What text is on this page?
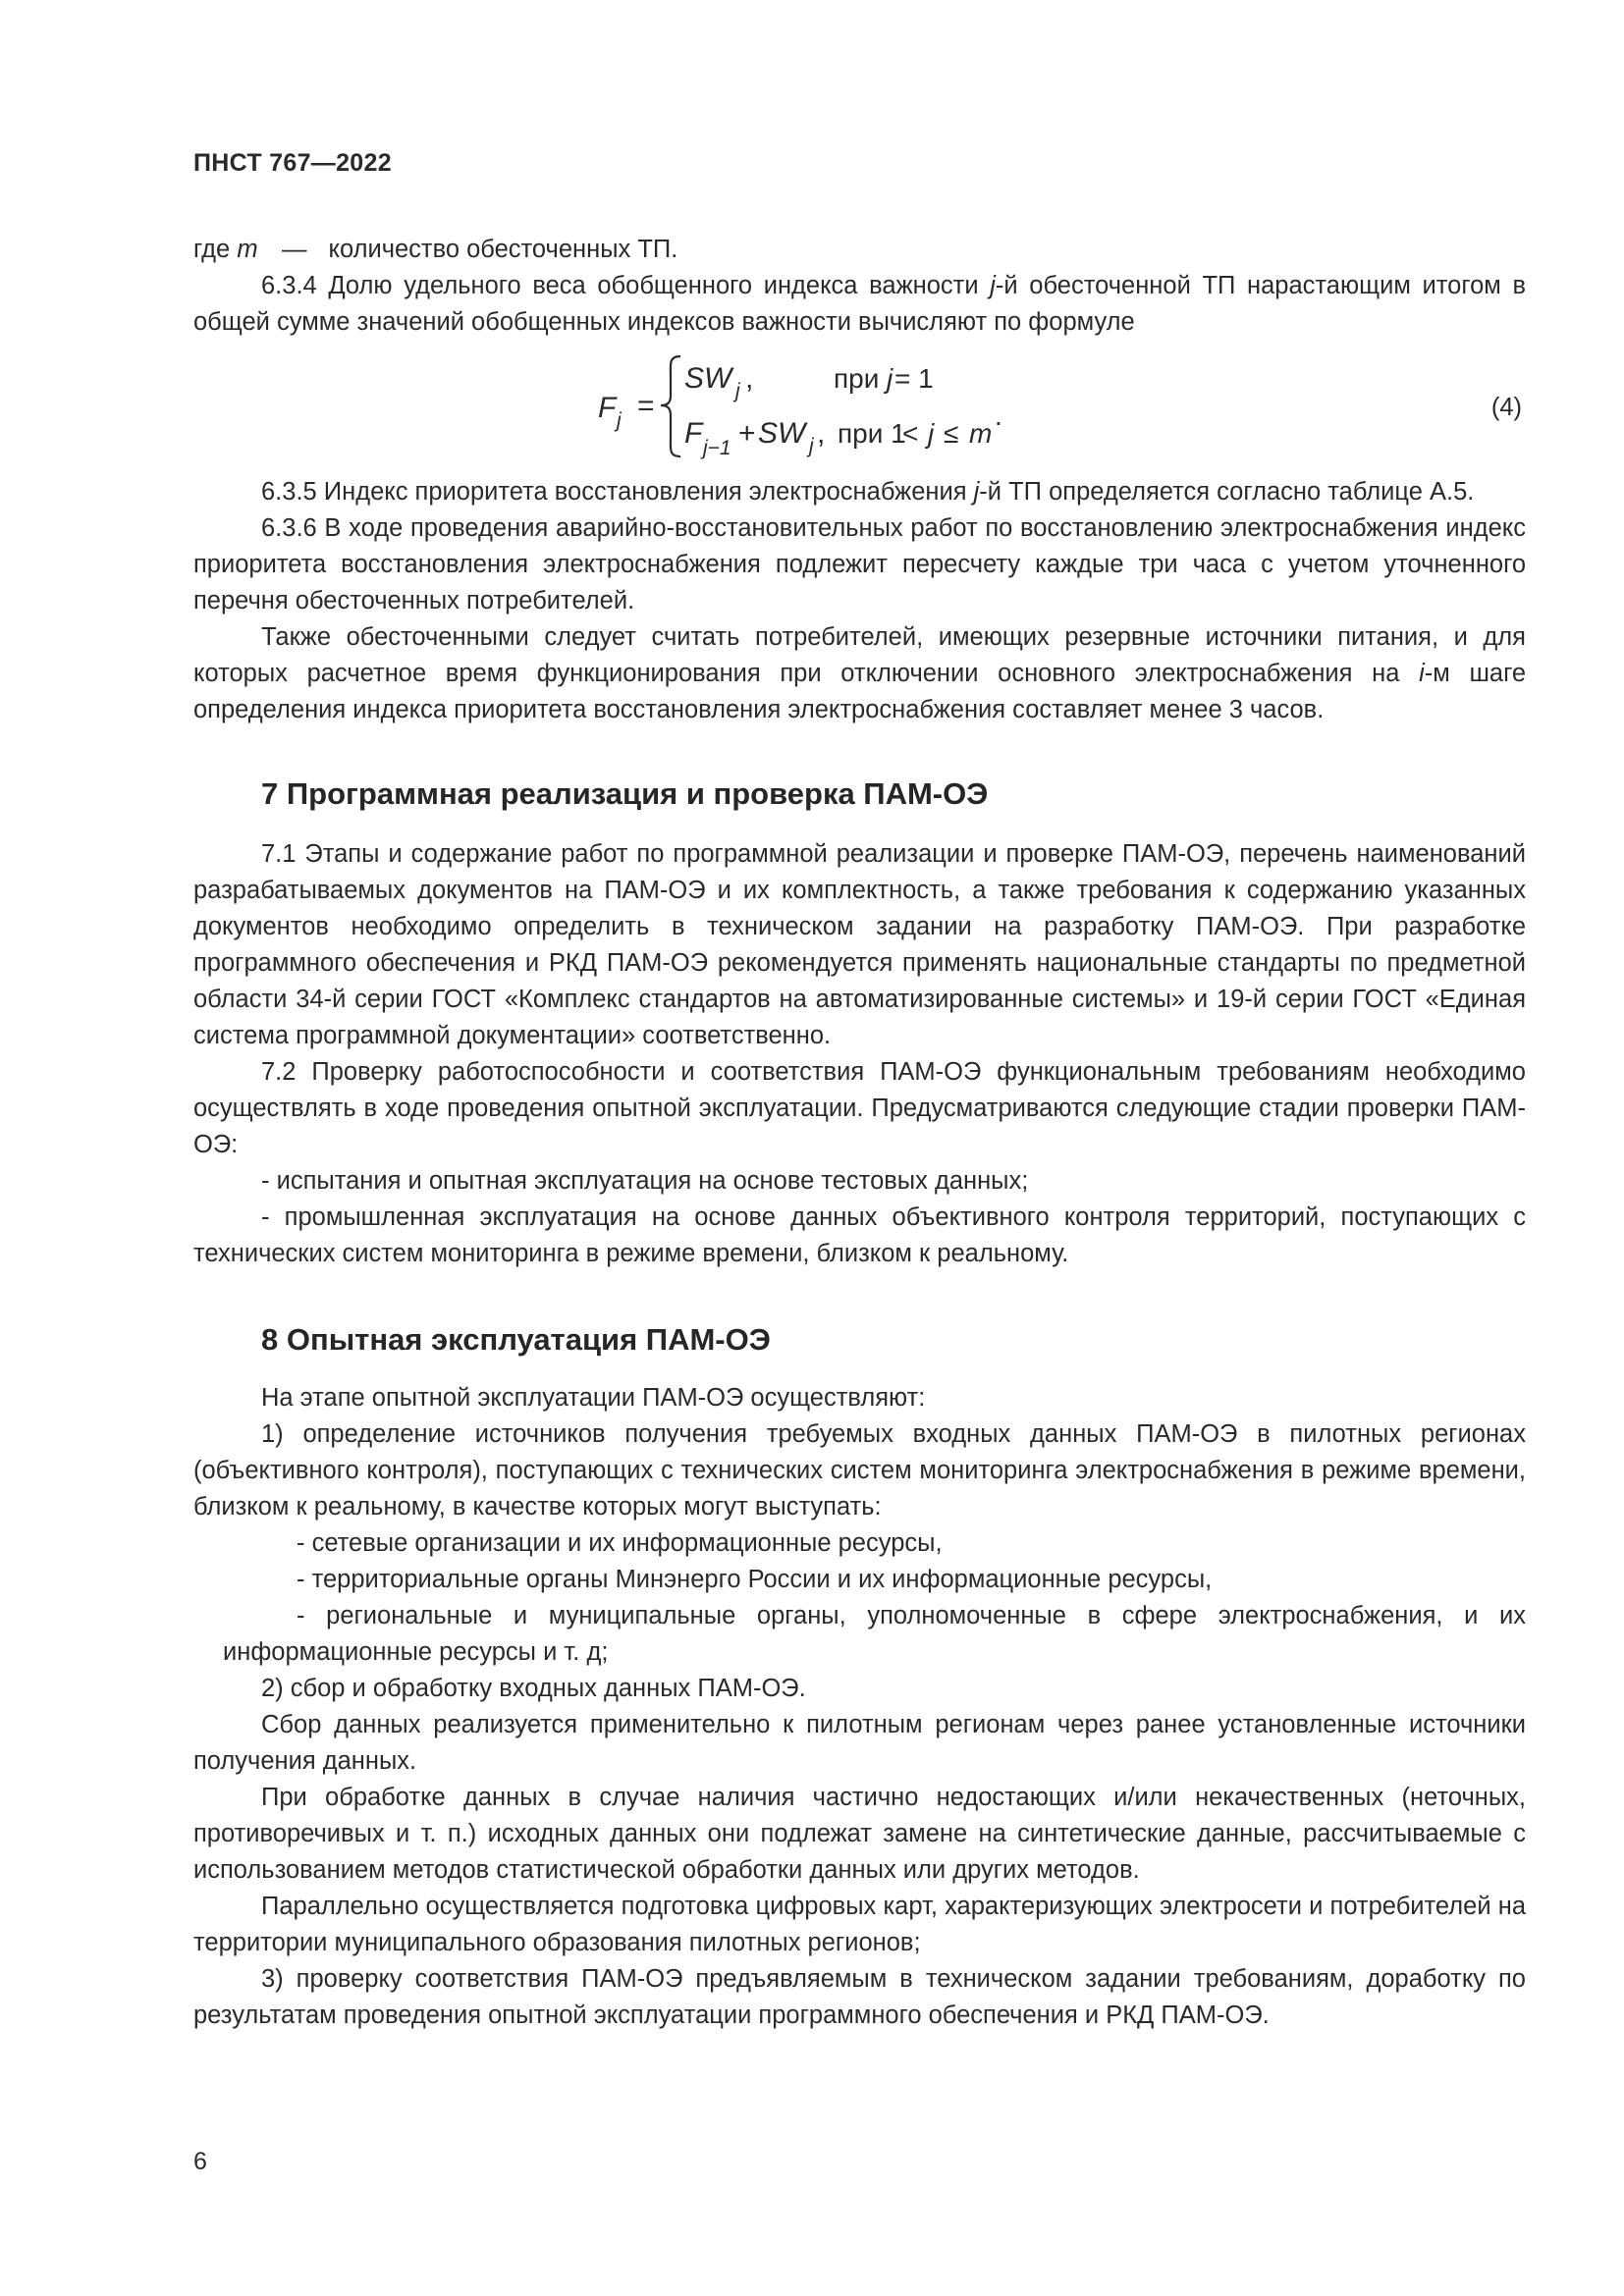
ПНСТ 767—2022
где m — количество обесточенных ТП.

6.3.4 Долю удельного веса обобщенного индекса важности j-й обесточенной ТП нарастающим итогом в общей сумме значений обобщенных индексов важности вычисляют по формуле

F j =
SW j ,	при j = 1
F j−1 + SW j , при 1
< j ≤ m
.	(4)

6.3.5 Индекс приоритета восстановления электроснабжения j-й ТП определяется согласно таблице А.5.

6.3.6 В ходе проведения аварийно-восстановительных работ по восстановлению электроснабжения индекс приоритета восстановления электроснабжения подлежит пересчету каждые три часа с учетом уточненного перечня обесточенных потребителей.

Также обесточенными следует считать потребителей, имеющих резервные источники питания, и для которых расчетное время функционирования при отключении основного электроснабжения на i-м шаге определения индекса приоритета восстановления электроснабжения составляет менее 3 часов.

7 Программная реализация и проверка ПАМ-ОЭ

7.1 Этапы и содержание работ по программной реализации и проверке ПАМ-ОЭ, перечень наименований разрабатываемых документов на ПАМ-ОЭ и их комплектность, а также требования к содержанию указанных документов необходимо определить в техническом задании на разработку ПАМ-ОЭ. При разработке программного обеспечения и РКД ПАМ-ОЭ рекомендуется применять национальные стандарты по предметной области 34-й серии ГОСТ «Комплекс стандартов на автоматизированные системы» и 19-й серии ГОСТ «Единая система программной документации» соответственно.

7.2 Проверку работоспособности и соответствия ПАМ-ОЭ функциональным требованиям необходимо осуществлять в ходе проведения опытной эксплуатации. Предусматриваются следующие стадии проверки ПАМ-ОЭ:

- испытания и опытная эксплуатация на основе тестовых данных;

- промышленная эксплуатация на основе данных объективного контроля территорий, поступающих с технических систем мониторинга в режиме времени, близком к реальному.

8 Опытная эксплуатация ПАМ-ОЭ

На этапе опытной эксплуатации ПАМ-ОЭ осуществляют:

1) определение источников получения требуемых входных данных ПАМ-ОЭ в пилотных регионах (объективного контроля), поступающих с технических систем мониторинга электроснабжения в режиме времени, близком к реальному, в качестве которых могут выступать:

- сетевые организации и их информационные ресурсы,

- территориальные органы Минэнерго России и их информационные ресурсы,

- региональные и муниципальные органы, уполномоченные в сфере электроснабжения, и их информационные ресурсы и т. д;

2) сбор и обработку входных данных ПАМ-ОЭ.

Сбор данных реализуется применительно к пилотным регионам через ранее установленные источники получения данных.

При обработке данных в случае наличия частично недостающих и/или некачественных (неточных, противоречивых и т. п.) исходных данных они подлежат замене на синтетические данные, рассчитываемые с использованием методов статистической обработки данных или других методов.

Параллельно осуществляется подготовка цифровых карт, характеризующих электросети и потребителей на территории муниципального образования пилотных регионов;

3) проверку соответствия ПАМ-ОЭ предъявляемым в техническом задании требованиям, доработку по результатам проведения опытной эксплуатации программного обеспечения и РКД ПАМ-ОЭ.

6
